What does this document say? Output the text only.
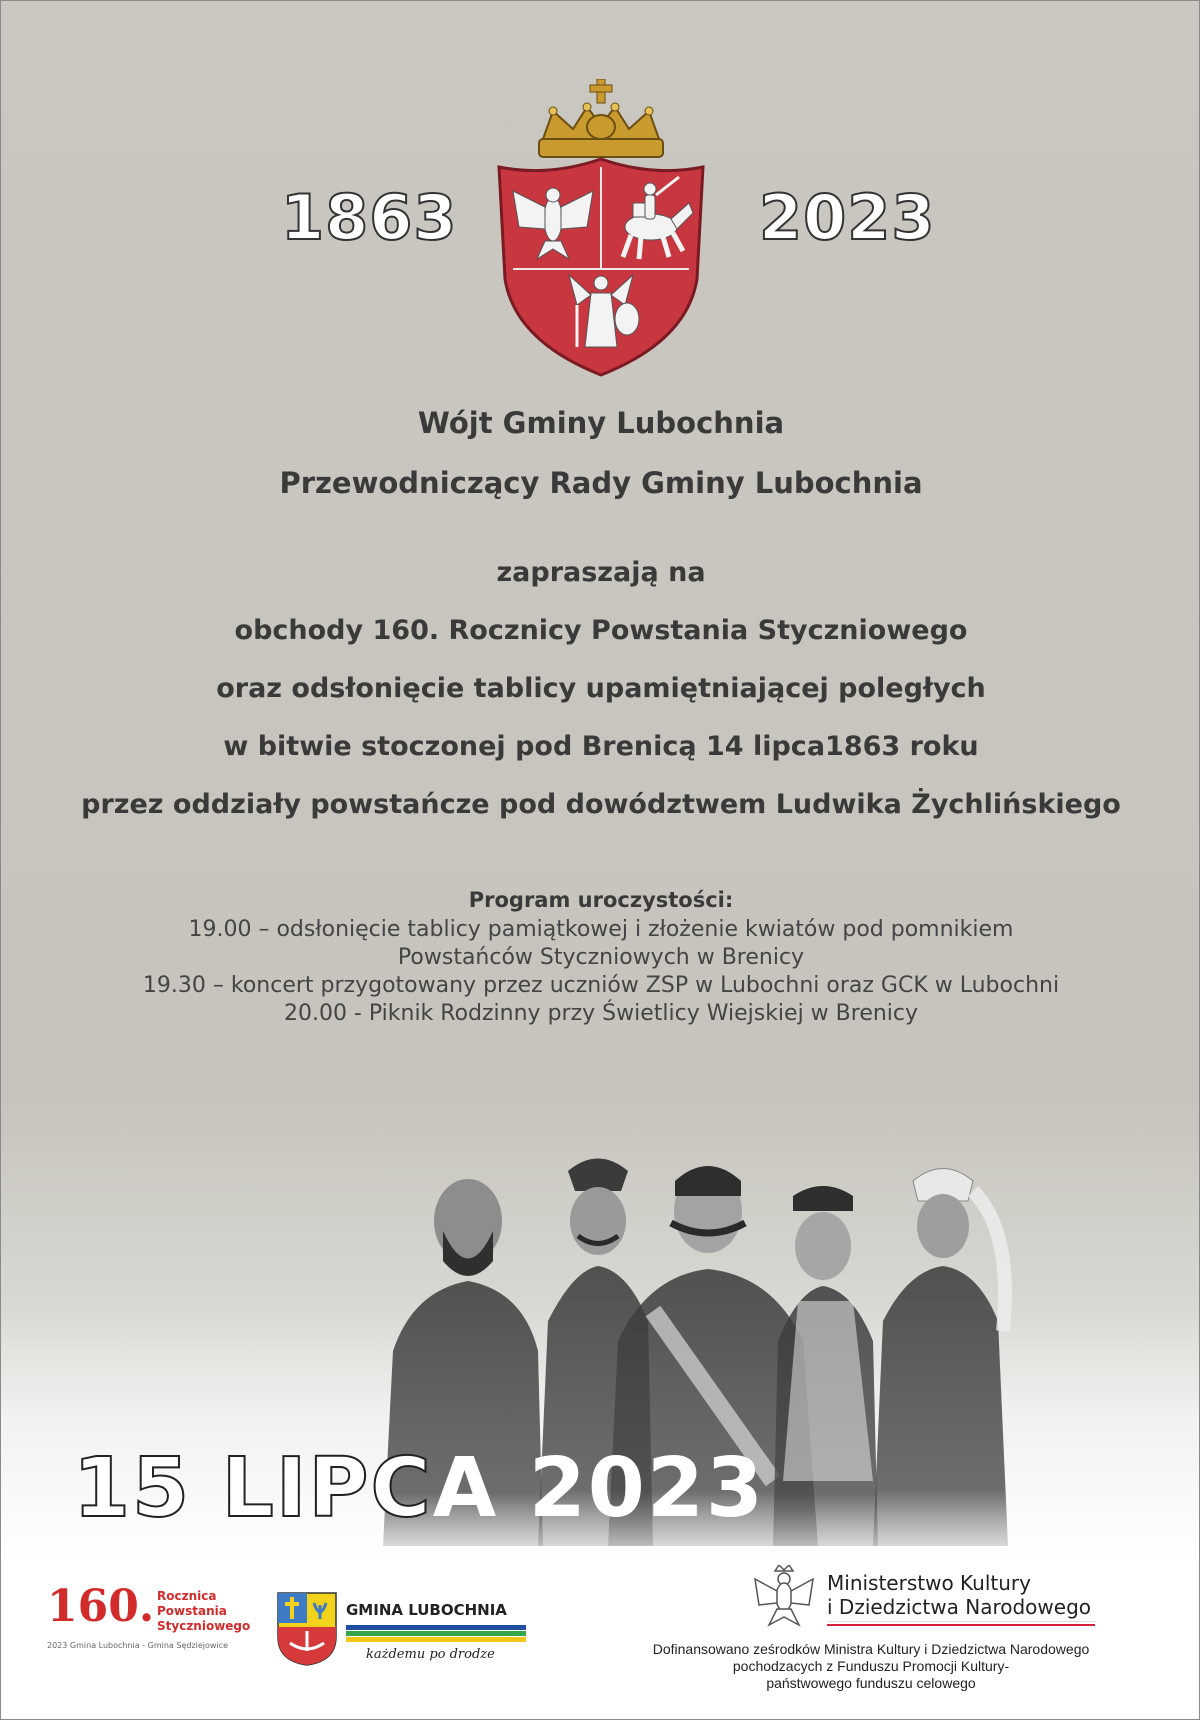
1863	2023
Wójt Gminy Lubochnia
Przewodniczący Rady Gminy Lubochnia
zapraszają na
obchody 160. Rocznicy Powstania Styczniowego
oraz odsłonięcie tablicy upamiętniającej poległych
w bitwie stoczonej pod Brenicą 14 lipca1863 roku
przez oddziały powstańcze pod dowództwem Ludwika Żychlińskiego
Program uroczystości:
19.00 – odsłonięcie tablicy pamiątkowej i złożenie kwiatów pod pomnikiem
Powstańców Styczniowych w Brenicy
19.30 – koncert przygotowany przez uczniów ZSP w Lubochni oraz GCK w Lubochni
20.00 - Piknik Rodzinny przy Świetlicy Wiejskiej w Brenicy
15 LIPCA 2023
160. Rocznica
Powstania
Styczniowego
2023 Gmina Lubochnia - Gmina Sędziejowice
GMINA LUBOCHNIA
każdemu po drodze
Ministerstwo Kultury
i Dziedzictwa Narodowego
Dofinansowano ześrodków Ministra Kultury i Dziedzictwa Narodowego
pochodzacych z Funduszu Promocji Kultury-
państwowego funduszu celowego
